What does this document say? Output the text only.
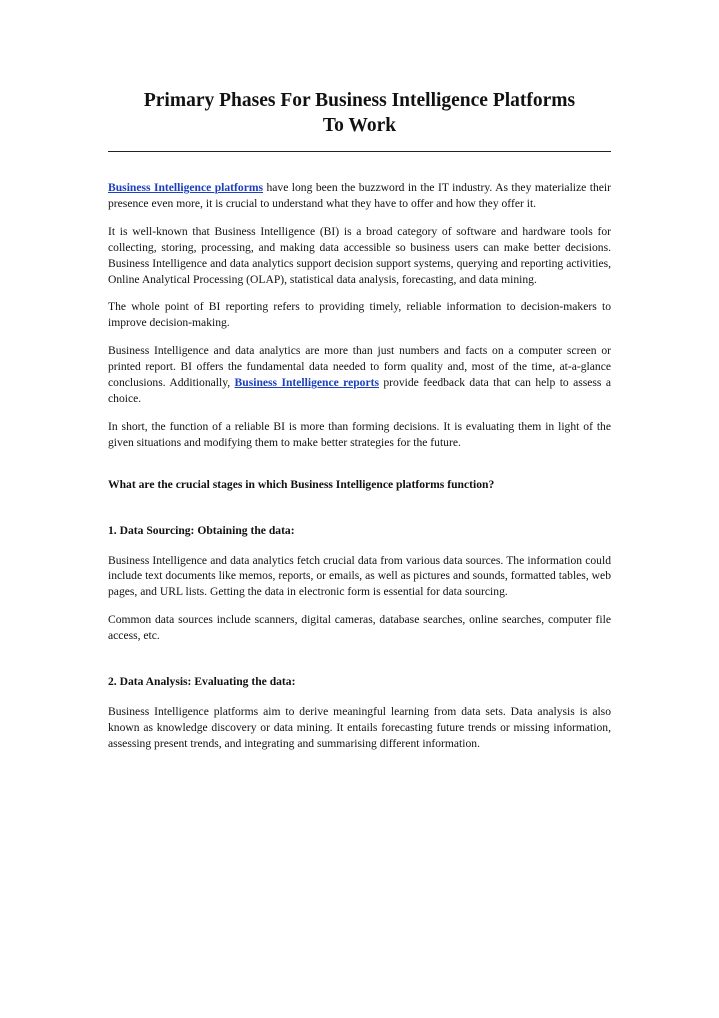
Primary Phases For Business Intelligence Platforms
To Work

Business Intelligence platforms have long been the buzzword in the IT industry. As they materialize their presence even more, it is crucial to understand what they have to offer and how they offer it.

It is well-known that Business Intelligence (BI) is a broad category of software and hardware tools for collecting, storing, processing, and making data accessible so business users can make better decisions. Business Intelligence and data analytics support decision support systems, querying and reporting activities, Online Analytical Processing (OLAP), statistical data analysis, forecasting, and data mining.

The whole point of BI reporting refers to providing timely, reliable information to decision-makers to improve decision-making.

Business Intelligence and data analytics are more than just numbers and facts on a computer screen or printed report. BI offers the fundamental data needed to form quality and, most of the time, at-a-glance conclusions. Additionally, Business Intelligence reports provide feedback data that can help to assess a choice.

In short, the function of a reliable BI is more than forming decisions. It is evaluating them in light of the given situations and modifying them to make better strategies for the future.

What are the crucial stages in which Business Intelligence platforms function?

1. Data Sourcing: Obtaining the data:

Business Intelligence and data analytics fetch crucial data from various data sources. The information could include text documents like memos, reports, or emails, as well as pictures and sounds, formatted tables, web pages, and URL lists. Getting the data in electronic form is essential for data sourcing.

Common data sources include scanners, digital cameras, database searches, online searches, computer file access, etc.

2. Data Analysis: Evaluating the data:

Business Intelligence platforms aim to derive meaningful learning from data sets. Data analysis is also known as knowledge discovery or data mining. It entails forecasting future trends or missing information, assessing present trends, and integrating and summarising different information.
